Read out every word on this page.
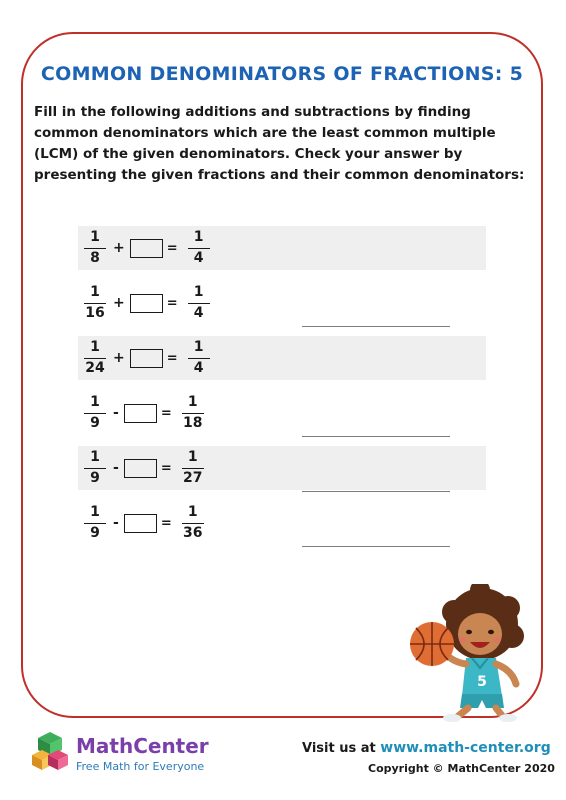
COMMON DENOMINATORS OF FRACTIONS: 5

Fill in the following additions and subtractions by finding common denominators which are the least common multiple (LCM) of the given denominators. Check your answer by presenting the given fractions and their common denominators:

$\frac{1}{8}$ +	= $\frac{1}{4}$
$\frac{1}{16}$ +	= $\frac{1}{4}$
$\frac{1}{24}$ +	= $\frac{1}{4}$
$\frac{1}{9}$ -	= $\frac{1}{18}$
$\frac{1}{9}$ -	= $\frac{1}{27}$
$\frac{1}{9}$ -	= $\frac{1}{36}$
5

MathCenter

Free Math for Everyone

Visit us at www.math-center.org
Copyright © MathCenter 2020
